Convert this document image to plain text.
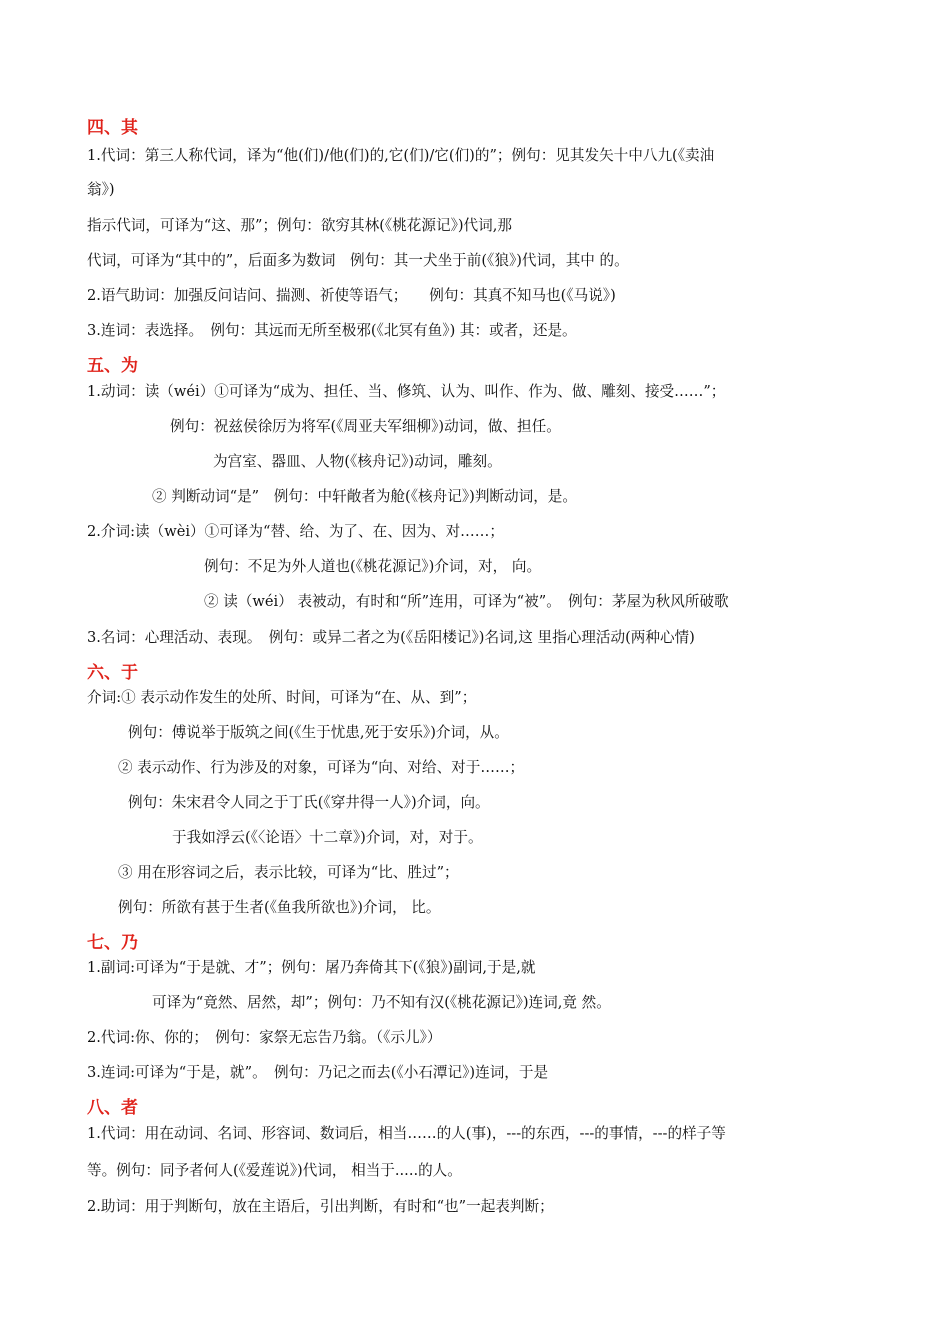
四、其
1.代词：第三人称代词，译为“他(们)/他(们)的,它(们)/它(们)的”；例句：见其发矢十中八九(《卖油
翁》)
指示代词，可译为“这、那”；例句：欲穷其林(《桃花源记》)代词,那
代词，可译为“其中的”，后面多为数词　例句：其一犬坐于前(《狼》)代词，其中 的。
2.语气助词：加强反问诘问、揣测、祈使等语气；　　例句：其真不知马也(《马说》)
3.连词：表选择。　例句：其远而无所至极邪(《北冥有鱼》) 其：或者，还是。
五、为
1.动词：读（wéi）①可译为“成为、担任、当、修筑、认为、叫作、作为、做、雕刻、接受……”；
例句：祝兹侯徐厉为将军(《周亚夫军细柳》)动词，做、担任。
为宫室、器皿、人物(《核舟记》)动词，雕刻。
② 判断动词“是”　例句：中轩敞者为舱(《核舟记》)判断动词，是。
2.介词:读（wèi）①可译为“替、给、为了、在、因为、对……；
例句：不足为外人道也(《桃花源记》)介词，对， 向。
② 读（wéi） 表被动，有时和“所”连用，可译为“被”。　例句：茅屋为秋风所破歌
3.名词：心理活动、表现。　例句：或异二者之为(《岳阳楼记》)名词,这 里指心理活动(两种心情)
六、于
介词:① 表示动作发生的处所、时间，可译为“在、从、到”；
例句：傅说举于版筑之间(《生于忧患,死于安乐》)介词，从。
② 表示动作、行为涉及的对象，可译为“向、对给、对于……；
例句：朱宋君令人同之于丁氏(《穿井得一人》)介词，向。
于我如浮云(《〈论语〉十二章》)介词，对，对于。
③ 用在形容词之后，表示比较，可译为“比、胜过”；
例句：所欲有甚于生者(《鱼我所欲也》)介词， 比。
七、乃
1.副词:可译为“于是就、才”；例句：屠乃奔倚其下(《狼》)副词,于是,就
可译为“竟然、居然，却”；例句：乃不知有汉(《桃花源记》)连词,竟 然。
2.代词:你、你的；　例句：家祭无忘告乃翁。（《示儿》）
3.连词:可译为“于是，就”。　例句：乃记之而去(《小石潭记》)连词，于是
八、者
1.代词：用在动词、名词、形容词、数词后，相当……的人(事)，---的东西，---的事情，---的样子等
等。例句：同予者何人(《爱莲说》)代词， 相当于.....的人。
2.助词：用于判断句，放在主语后，引出判断，有时和“也”一起表判断；
